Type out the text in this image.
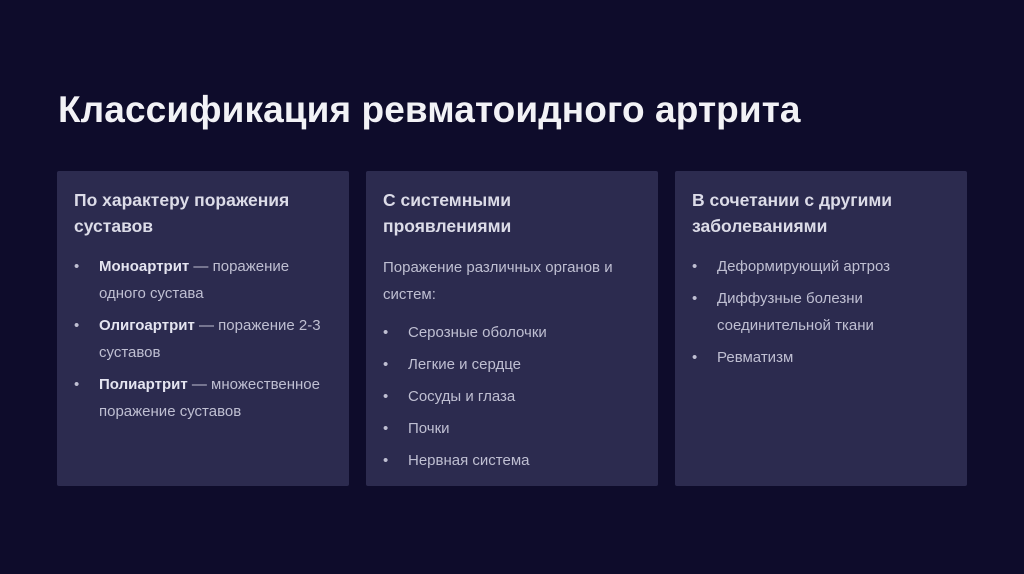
Классификация ревматоидного артрита
По характеру поражения суставов
• Моноартрит — поражение одного сустава
• Олигоартрит — поражение 2-3 суставов
• Полиартрит — множественное поражение суставов
С системными проявлениями

Поражение различных органов и систем:

• Серозные оболочки
• Легкие и сердце
• Сосуды и глаза
• Почки
• Нервная система
В сочетании с другими заболеваниями
• Деформирующий артроз
• Диффузные болезни соединительной ткани
• Ревматизм
